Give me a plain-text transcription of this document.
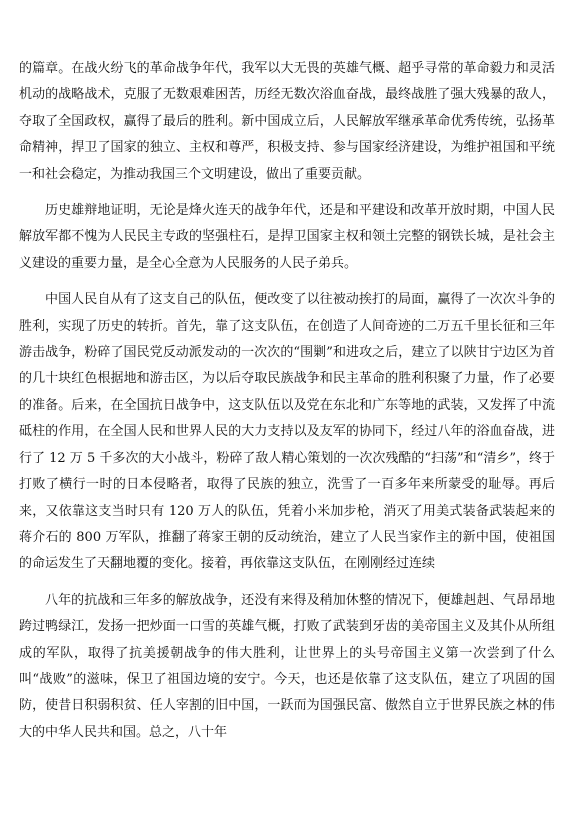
的篇章。在战火纷飞的革命战争年代，我军以大无畏的英雄气概、超乎寻常的革命毅力和灵活机动的战略战术，克服了无数艰难困苦，历经无数次浴血奋战，最终战胜了强大残暴的敌人，夺取了全国政权，赢得了最后的胜利。新中国成立后，人民解放军继承革命优秀传统，弘扬革命精神，捍卫了国家的独立、主权和尊严，积极支持、参与国家经济建设，为维护祖国和平统一和社会稳定，为推动我国三个文明建设，做出了重要贡献。

历史雄辩地证明，无论是烽火连天的战争年代，还是和平建设和改革开放时期，中国人民解放军都不愧为人民民主专政的坚强柱石，是捍卫国家主权和领土完整的钢铁长城，是社会主义建设的重要力量，是全心全意为人民服务的人民子弟兵。

中国人民自从有了这支自己的队伍，便改变了以往被动挨打的局面，赢得了一次次斗争的胜利，实现了历史的转折。首先，靠了这支队伍，在创造了人间奇迹的二万五千里长征和三年游击战争，粉碎了国民党反动派发动的一次次的“围剿”和进攻之后，建立了以陕甘宁边区为首的几十块红色根据地和游击区，为以后夺取民族战争和民主革命的胜利积聚了力量，作了必要的准备。后来，在全国抗日战争中，这支队伍以及党在东北和广东等地的武装，又发挥了中流砥柱的作用，在全国人民和世界人民的大力支持以及友军的协同下，经过八年的浴血奋战，进行了 12 万 5 千多次的大小战斗，粉碎了敌人精心策划的一次次残酷的“扫荡”和“清乡”，终于打败了横行一时的日本侵略者，取得了民族的独立，洗雪了一百多年来所蒙受的耻辱。再后来，又依靠这支当时只有 120 万人的队伍，凭着小米加步枪，消灭了用美式装备武装起来的蒋介石的 800 万军队，推翻了蒋家王朝的反动统治，建立了人民当家作主的新中国，使祖国的命运发生了天翻地覆的变化。接着，再依靠这支队伍，在刚刚经过连续

八年的抗战和三年多的解放战争，还没有来得及稍加休整的情况下，便雄赳赳、气昂昂地跨过鸭绿江，发扬一把炒面一口雪的英雄气概，打败了武装到牙齿的美帝国主义及其仆从所组成的军队，取得了抗美援朝战争的伟大胜利，让世界上的头号帝国主义第一次尝到了什么叫“战败”的滋味，保卫了祖国边境的安宁。今天，也还是依靠了这支队伍，建立了巩固的国防，使昔日积弱积贫、任人宰割的旧中国，一跃而为国强民富、傲然自立于世界民族之林的伟大的中华人民共和国。总之，八十年
